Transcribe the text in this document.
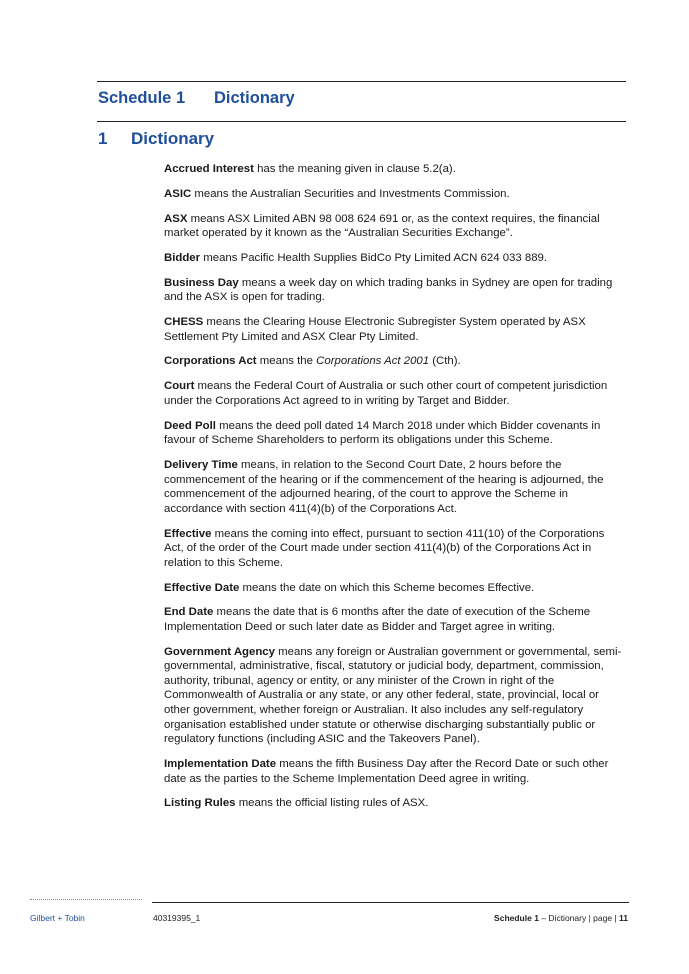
Schedule 1 Dictionary
1 Dictionary

Accrued Interest has the meaning given in clause 5.2(a).

ASIC means the Australian Securities and Investments Commission.

ASX means ASX Limited ABN 98 008 624 691 or, as the context requires, the financial market operated by it known as the “Australian Securities Exchange”.

Bidder means Pacific Health Supplies BidCo Pty Limited ACN 624 033 889.

Business Day means a week day on which trading banks in Sydney are open for trading and the ASX is open for trading.

CHESS means the Clearing House Electronic Subregister System operated by ASX Settlement Pty Limited and ASX Clear Pty Limited.

Corporations Act means the Corporations Act 2001 (Cth).

Court means the Federal Court of Australia or such other court of competent jurisdiction under the Corporations Act agreed to in writing by Target and Bidder.

Deed Poll means the deed poll dated 14 March 2018 under which Bidder covenants in favour of Scheme Shareholders to perform its obligations under this Scheme.

Delivery Time means, in relation to the Second Court Date, 2 hours before the commencement of the hearing or if the commencement of the hearing is adjourned, the commencement of the adjourned hearing, of the court to approve the Scheme in accordance with section 411(4)(b) of the Corporations Act.

Effective means the coming into effect, pursuant to section 411(10) of the Corporations Act, of the order of the Court made under section 411(4)(b) of the Corporations Act in relation to this Scheme.

Effective Date means the date on which this Scheme becomes Effective.

End Date means the date that is 6 months after the date of execution of the Scheme Implementation Deed or such later date as Bidder and Target agree in writing.

Government Agency means any foreign or Australian government or governmental, semi-governmental, administrative, fiscal, statutory or judicial body, department, commission, authority, tribunal, agency or entity, or any minister of the Crown in right of the Commonwealth of Australia or any state, or any other federal, state, provincial, local or other government, whether foreign or Australian. It also includes any self-regulatory organisation established under statute or otherwise discharging substantially public or regulatory functions (including ASIC and the Takeovers Panel).

Implementation Date means the fifth Business Day after the Record Date or such other date as the parties to the Scheme Implementation Deed agree in writing.

Listing Rules means the official listing rules of ASX.

Gilbert + Tobin	40319395_1	Schedule 1 – Dictionary | page | 11
